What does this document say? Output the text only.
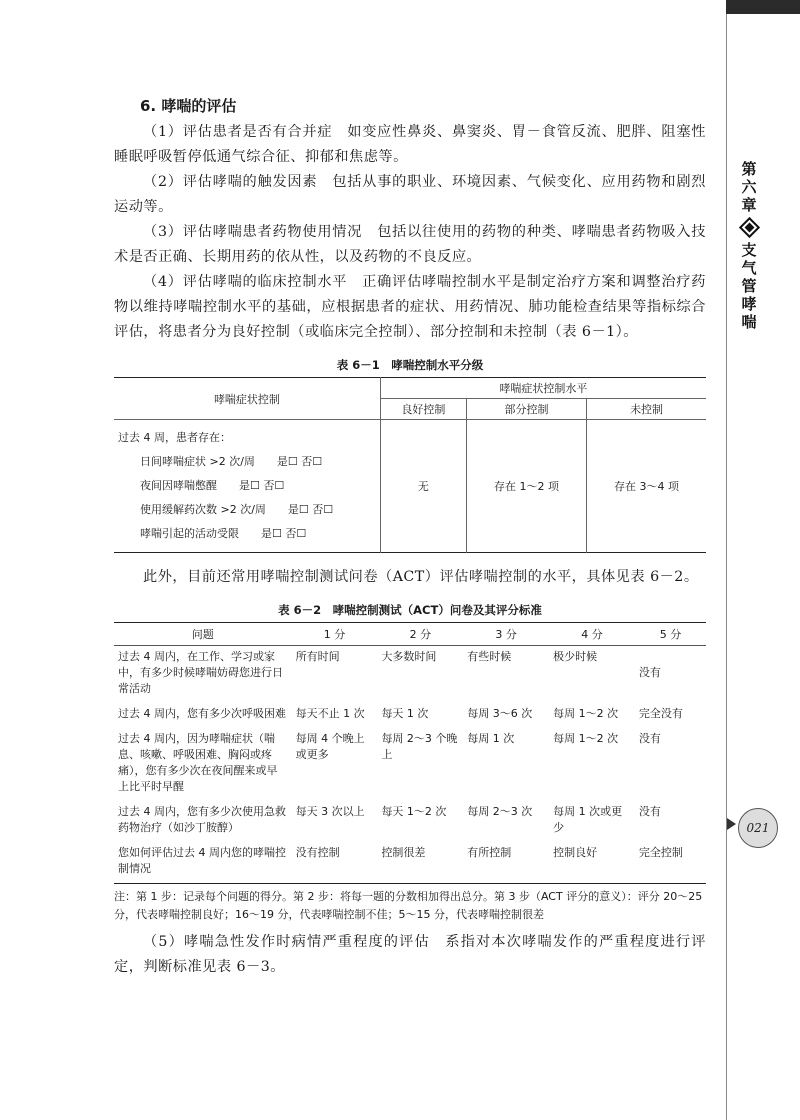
第
六
章
支
气
管
哮
喘
021
6. 哮喘的评估

（1）评估患者是否有合并症　 如变应性鼻炎、鼻窦炎、胃－食管反流、肥胖、阻塞性睡眠呼吸暂停低通气综合征、抑郁和焦虑等。

（2）评估哮喘的触发因素　 包括从事的职业、环境因素、气候变化、应用药物和剧烈运动等。

（3）评估哮喘患者药物使用情况　 包括以往使用的药物的种类、哮喘患者药物吸入技术是否正确、长期用药的依从性，以及药物的不良反应。

（4）评估哮喘的临床控制水平　 正确评估哮喘控制水平是制定治疗方案和调整治疗药物以维持哮喘控制水平的基础，应根据患者的症状、用药情况、肺功能检查结果等指标综合评估，将患者分为良好控制（或临床完全控制）、部分控制和未控制（表 6－1）。

表 6－1　哮喘控制水平分级
哮喘症状控制	哮喘症状控制水平		
	良好控制	部分控制	未控制

过去 4 周，患者存在：
日间哮喘症状 >2 次/周　　是☐ 否☐
夜间因哮喘憋醒　　是☐ 否☐
使用缓解药次数 >2 次/周　　是☐ 否☐
哮喘引起的活动受限　　是☐ 否☐	无	存在 1～2 项	存在 3～4 项

此外，目前还常用哮喘控制测试问卷（ACT）评估哮喘控制的水平，具体见表 6－2。

表 6－2　哮喘控制测试（ACT）问卷及其评分标准
问题	1 分	2 分	3 分	4 分	5 分
过去 4 周内，在工作、学习或家中，有多少时候哮喘妨碍您进行日常活动	所有时间	大多数时间	有些时候	极少时候	没有
过去 4 周内，您有多少次呼吸困难	每天不止 1 次	每天 1 次	每周 3～6 次	每周 1～2 次	完全没有
过去 4 周内，因为哮喘症状（喘息、咳嗽、呼吸困难、胸闷或疼痛），您有多少次在夜间醒来或早上比平时早醒	每周 4 个晚上或更多	每周 2～3 个晚上	每周 1 次	每周 1～2 次	没有
过去 4 周内，您有多少次使用急救药物治疗（如沙丁胺醇）	每天 3 次以上	每天 1～2 次	每周 2～3 次	每周 1 次或更少	没有
您如何评估过去 4 周内您的哮喘控制情况	没有控制	控制很差	有所控制	控制良好	完全控制
注：第 1 步：记录每个问题的得分。第 2 步：将每一题的分数相加得出总分。第 3 步（ACT 评分的意义）：评分 20～25 分，代表哮喘控制良好；16～19 分，代表哮喘控制不佳；5～15 分，代表哮喘控制很差

（5）哮喘急性发作时病情严重程度的评估　 系指对本次哮喘发作的严重程度进行评定，判断标准见表 6－3。
